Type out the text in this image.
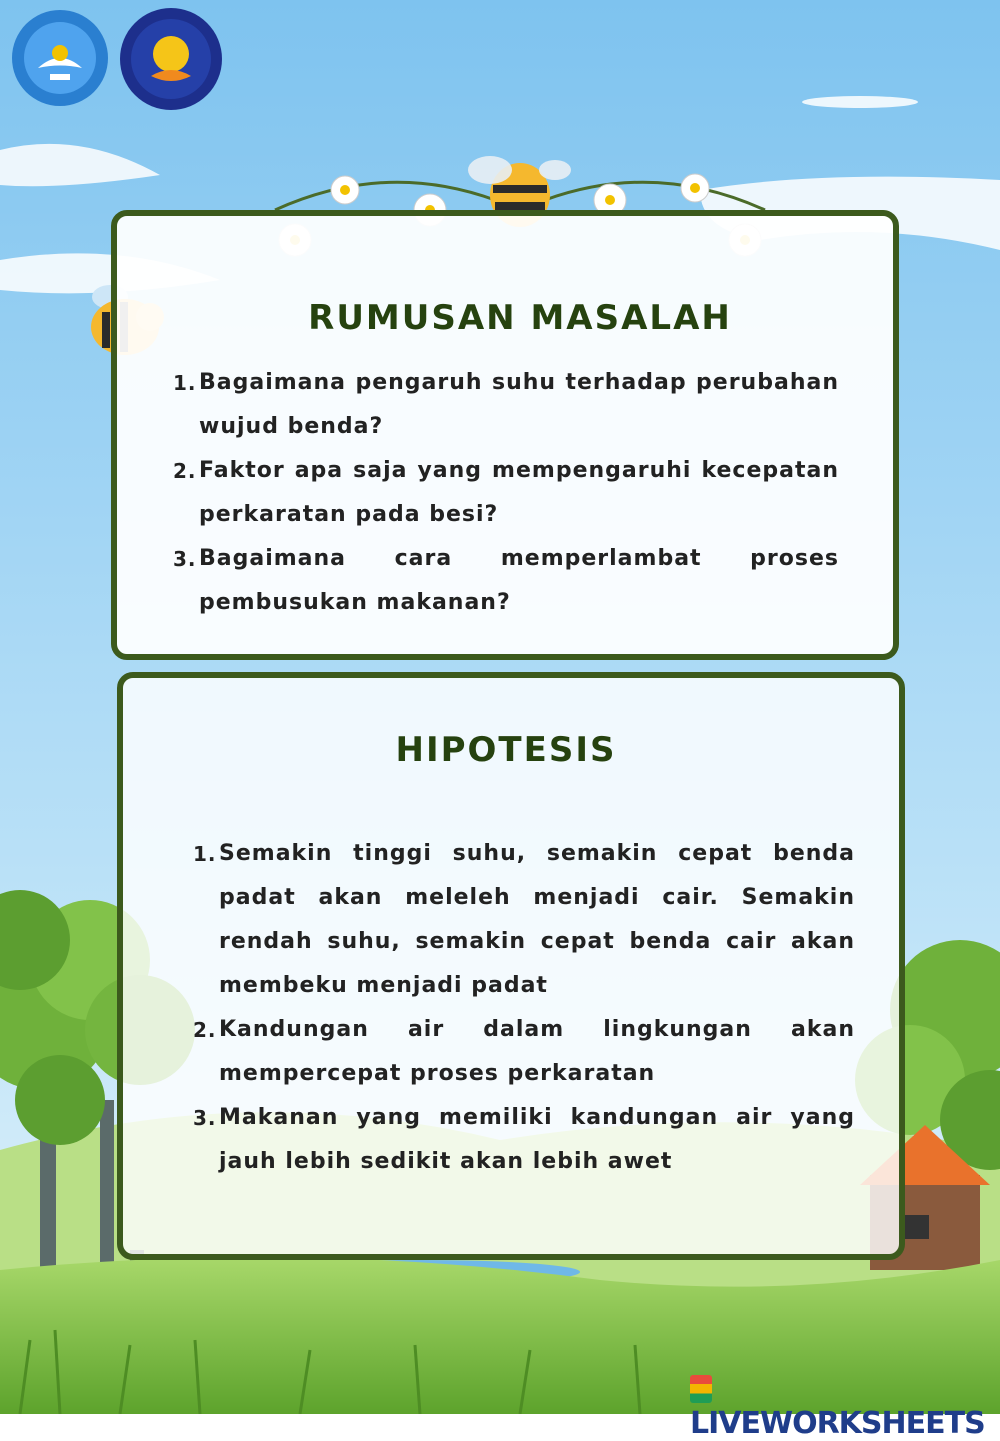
RUMUSAN MASALAH
1. Bagaimana pengaruh suhu terhadap perubahan wujud benda?
2. Faktor apa saja yang mempengaruhi kecepatan perkaratan pada besi?
3. Bagaimana cara memperlambat proses pembusukan makanan?
HIPOTESIS
1. Semakin tinggi suhu, semakin cepat benda padat akan meleleh menjadi cair. Semakin rendah suhu, semakin cepat benda cair akan membeku menjadi padat
2. Kandungan air dalam lingkungan akan mempercepat proses perkaratan
3. Makanan yang memiliki kandungan air yang jauh lebih sedikit akan lebih awet
LIVEWORKSHEETS
